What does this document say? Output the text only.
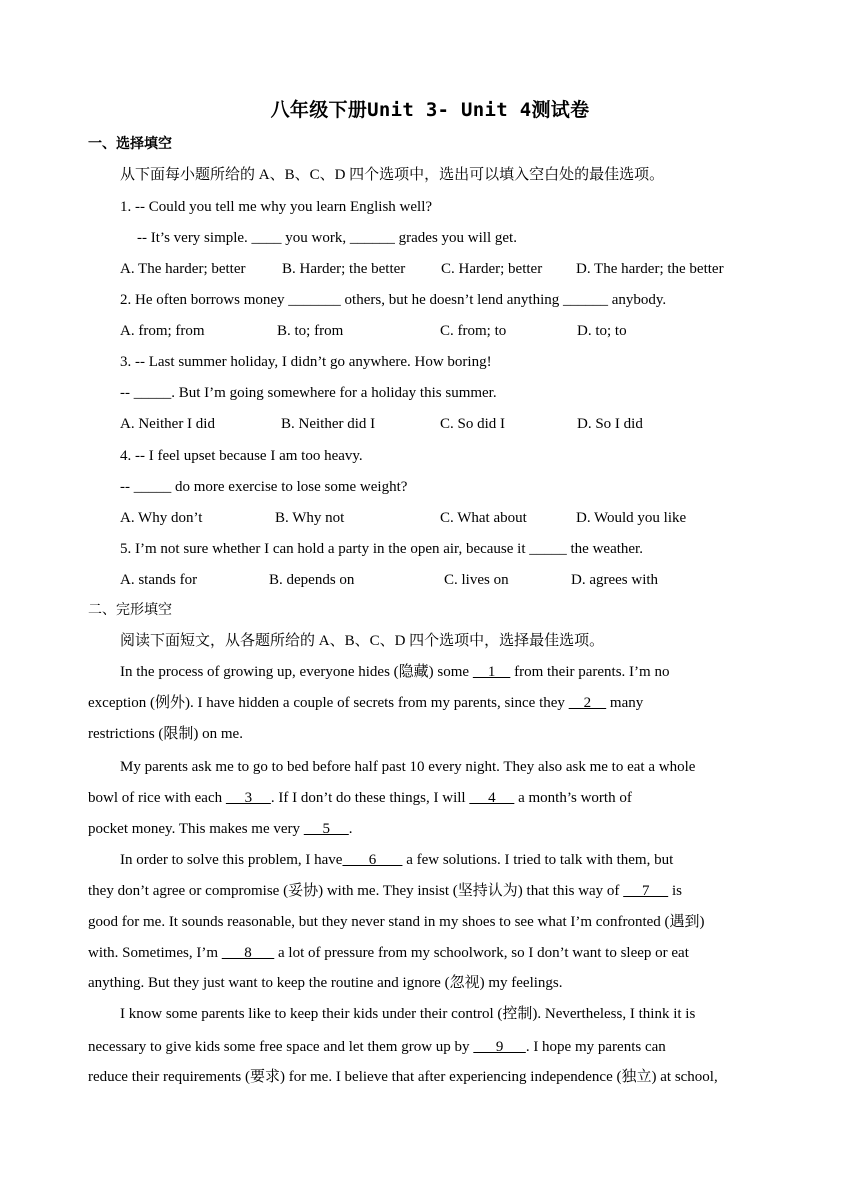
八年级下册Unit 3- Unit 4测试卷
一、选择填空
从下面每小题所给的 A、B、C、D 四个选项中，选出可以填入空白处的最佳选项。
1. -- Could you tell me why you learn English well?
-- It’s very simple. ____ you work, ______ grades you will get.
A. The harder; better B. Harder; the better C. Harder; better D. The harder; the better
2. He often borrows money _______ others, but he doesn’t lend anything ______ anybody.
A. from; from	B. to; from	C. from; to	D. to; to
3. -- Last summer holiday, I didn’t go anywhere. How boring!
-- _____. But I’m going somewhere for a holiday this summer.
A. Neither I did	B. Neither did I	C. So did I	D. So I did
4. -- I feel upset because I am too heavy.
-- _____ do more exercise to lose some weight?
A. Why don’t	B. Why not	C. What about	D. Would you like
5. I’m not sure whether I can hold a party in the open air, because it _____ the weather.
A. stands for	B. depends on	C. lives on	D. agrees with
二、完形填空
阅读下面短文，从各题所给的 A、B、C、D 四个选项中，选择最佳选项。
In the process of growing up, everyone hides (隐藏) some     1     from their parents. I’m no
exception (例外). I have hidden a couple of secrets from my parents, since they     2     many
restrictions (限制) on me.
My parents ask me to go to bed before half past 10 every night. They also ask me to eat a whole
bowl of rice with each      3     . If I don’t do these things, I will      4      a month’s worth of
pocket money. This makes me very      5     .
In order to solve this problem, I have       6        a few solutions. I tried to talk with them, but
they don’t agree or compromise (妥协) with me. They insist (坚持认为) that this way of      7      is
good for me. It sounds reasonable, but they never stand in my shoes to see what I’m confronted (遇到)
with. Sometimes, I’m       8       a lot of pressure from my schoolwork, so I don’t want to sleep or eat
anything. But they just want to keep the routine and ignore (忽视) my feelings.
I know some parents like to keep their kids under their control (控制). Nevertheless, I think it is
necessary to give kids some free space and let them grow up by       9      . I hope my parents can
reduce their requirements (要求) for me. I believe that after experiencing independence (独立) at school,
